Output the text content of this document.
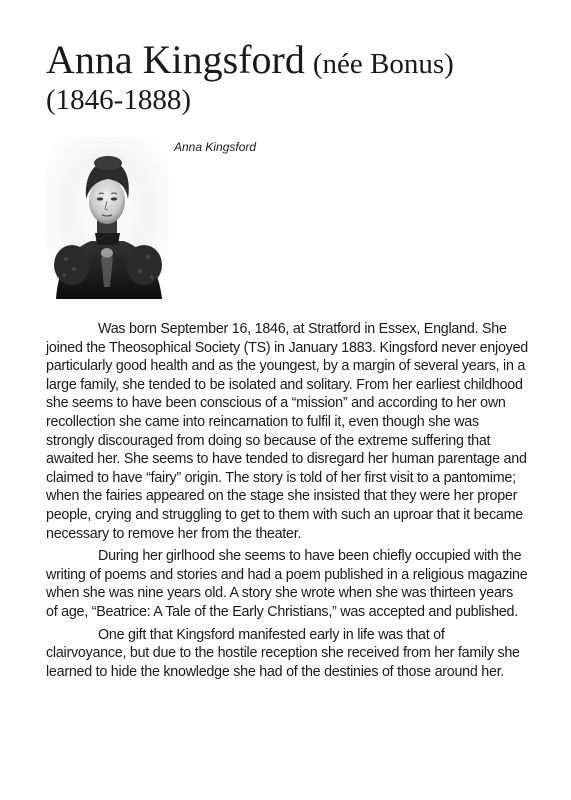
Anna Kingsford (née Bonus)
(1846-1888)
Anna Kingsford

Was born September 16, 1846, at Stratford in Essex, England. She joined the Theosophical Society (TS) in January 1883. Kingsford never enjoyed particularly good health and as the youngest, by a margin of several years, in a large family, she tended to be isolated and solitary. From her earliest childhood she seems to have been conscious of a “mission” and according to her own recollection she came into reincarnation to fulfil it, even though she was strongly discouraged from doing so because of the extreme suffering that awaited her. She seems to have tended to disregard her human parentage and claimed to have “fairy” origin. The story is told of her first visit to a pantomime; when the fairies appeared on the stage she insisted that they were her proper people, crying and struggling to get to them with such an uproar that it became necessary to remove her from the theater.

During her girlhood she seems to have been chiefly occupied with the writing of poems and stories and had a poem published in a religious magazine when she was nine years old. A story she wrote when she was thirteen years of age, “Beatrice: A Tale of the Early Christians,” was accepted and published.

One gift that Kingsford manifested early in life was that of clairvoyance, but due to the hostile reception she received from her family she learned to hide the knowledge she had of the destinies of those around her.
